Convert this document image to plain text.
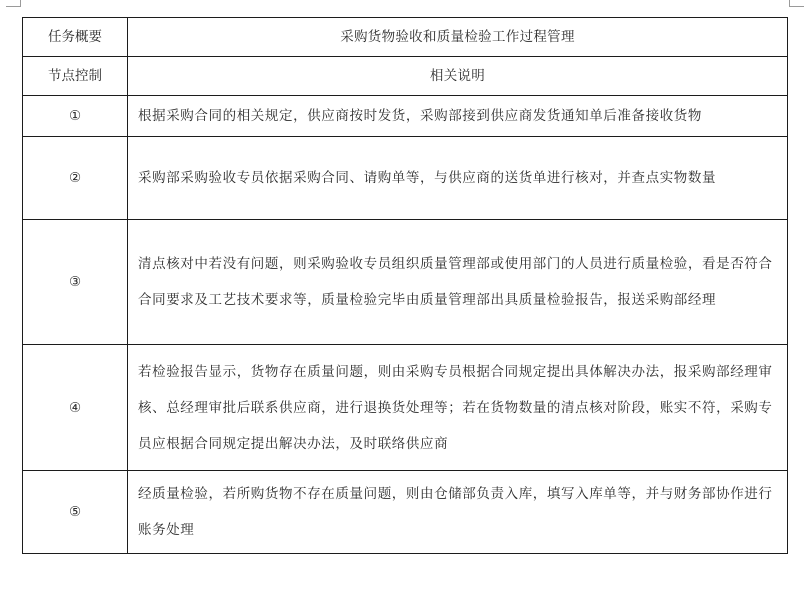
任务概要	采购货物验收和质量检验工作过程管理
节点控制	相关说明
①	根据采购合同的相关规定，供应商按时发货，采购部接到供应商发货通知单后准备接收货物
②	采购部采购验收专员依据采购合同、请购单等，与供应商的送货单进行核对，并查点实物数量
③	清点核对中若没有问题，则采购验收专员组织质量管理部或使用部门的人员进行质量检验，看是否符合合同要求及工艺技术要求等，质量检验完毕由质量管理部出具质量检验报告，报送采购部经理
④	若检验报告显示，货物存在质量问题，则由采购专员根据合同规定提出具体解决办法，报采购部经理审核、总经理审批后联系供应商，进行退换货处理等；若在货物数量的清点核对阶段，账实不符，采购专员应根据合同规定提出解决办法，及时联络供应商
⑤	经质量检验，若所购货物不存在质量问题，则由仓储部负责入库，填写入库单等，并与财务部协作进行账务处理
